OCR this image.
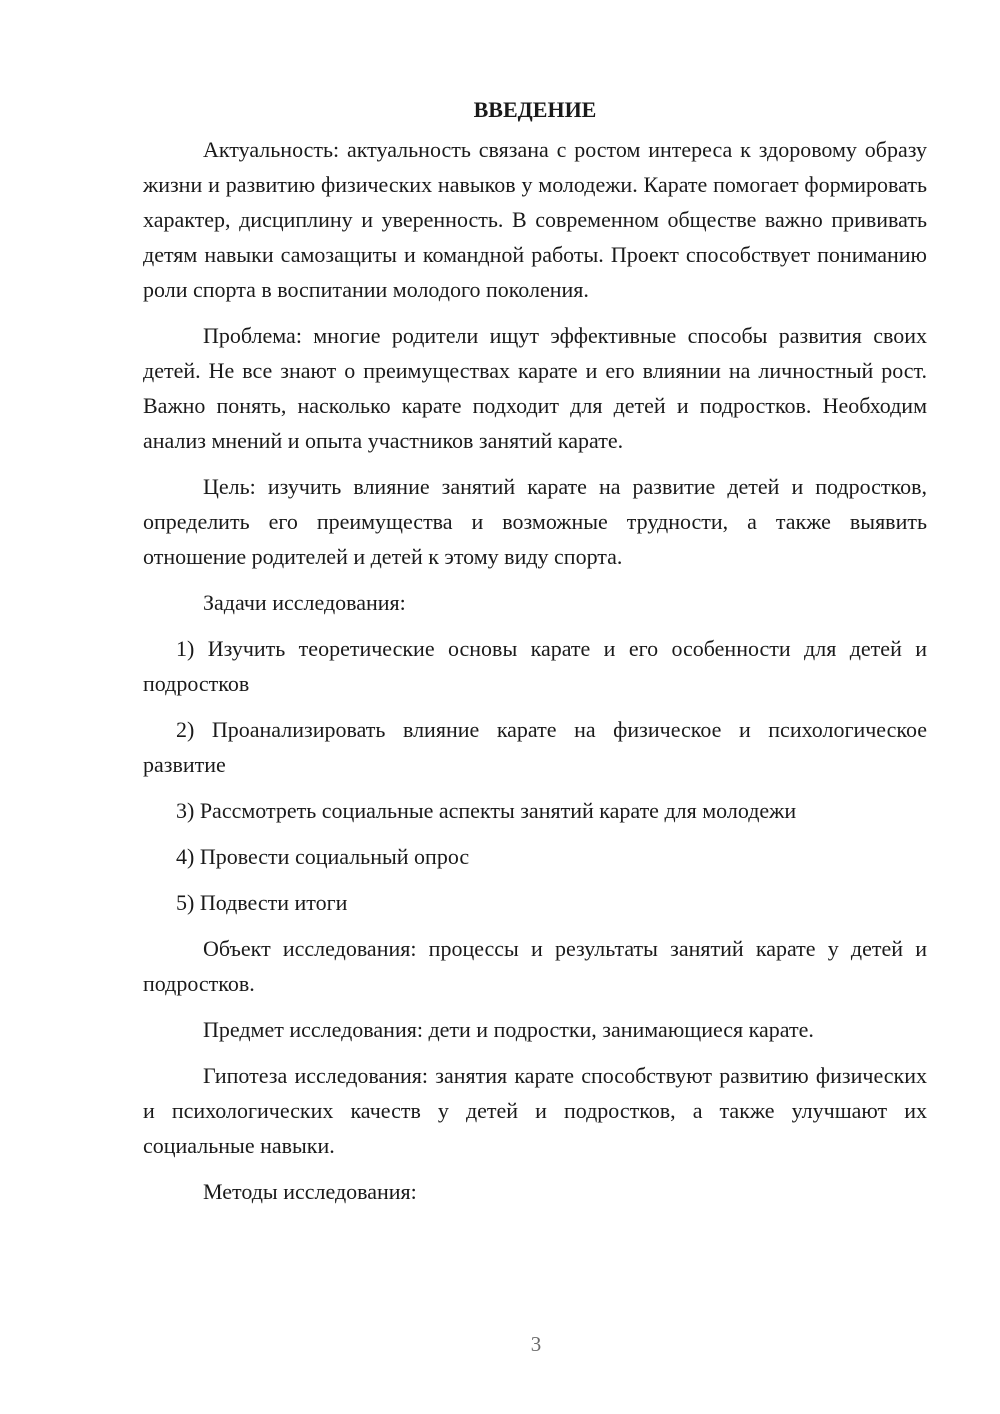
ВВЕДЕНИЕ

Актуальность: актуальность связана с ростом интереса к здоровому образу жизни и развитию физических навыков у молодежи. Карате помогает формировать характер, дисциплину и уверенность. В современном обществе важно прививать детям навыки самозащиты и командной работы. Проект способствует пониманию роли спорта в воспитании молодого поколения.

Проблема: многие родители ищут эффективные способы развития своих детей. Не все знают о преимуществах карате и его влиянии на личностный рост. Важно понять, насколько карате подходит для детей и подростков. Необходим анализ мнений и опыта участников занятий карате.

Цель: изучить влияние занятий карате на развитие детей и подростков, определить его преимущества и возможные трудности, а также выявить отношение родителей и детей к этому виду спорта.

Задачи исследования:

1) Изучить теоретические основы карате и его особенности для детей и подростков

2) Проанализировать влияние карате на физическое и психологическое развитие

3) Рассмотреть социальные аспекты занятий карате для молодежи

4) Провести социальный опрос

5) Подвести итоги

Объект исследования: процессы и результаты занятий карате у детей и подростков.

Предмет исследования: дети и подростки, занимающиеся карате.

Гипотеза исследования: занятия карате способствуют развитию физических и психологических качеств у детей и подростков, а также улучшают их социальные навыки.

Методы исследования:

3
